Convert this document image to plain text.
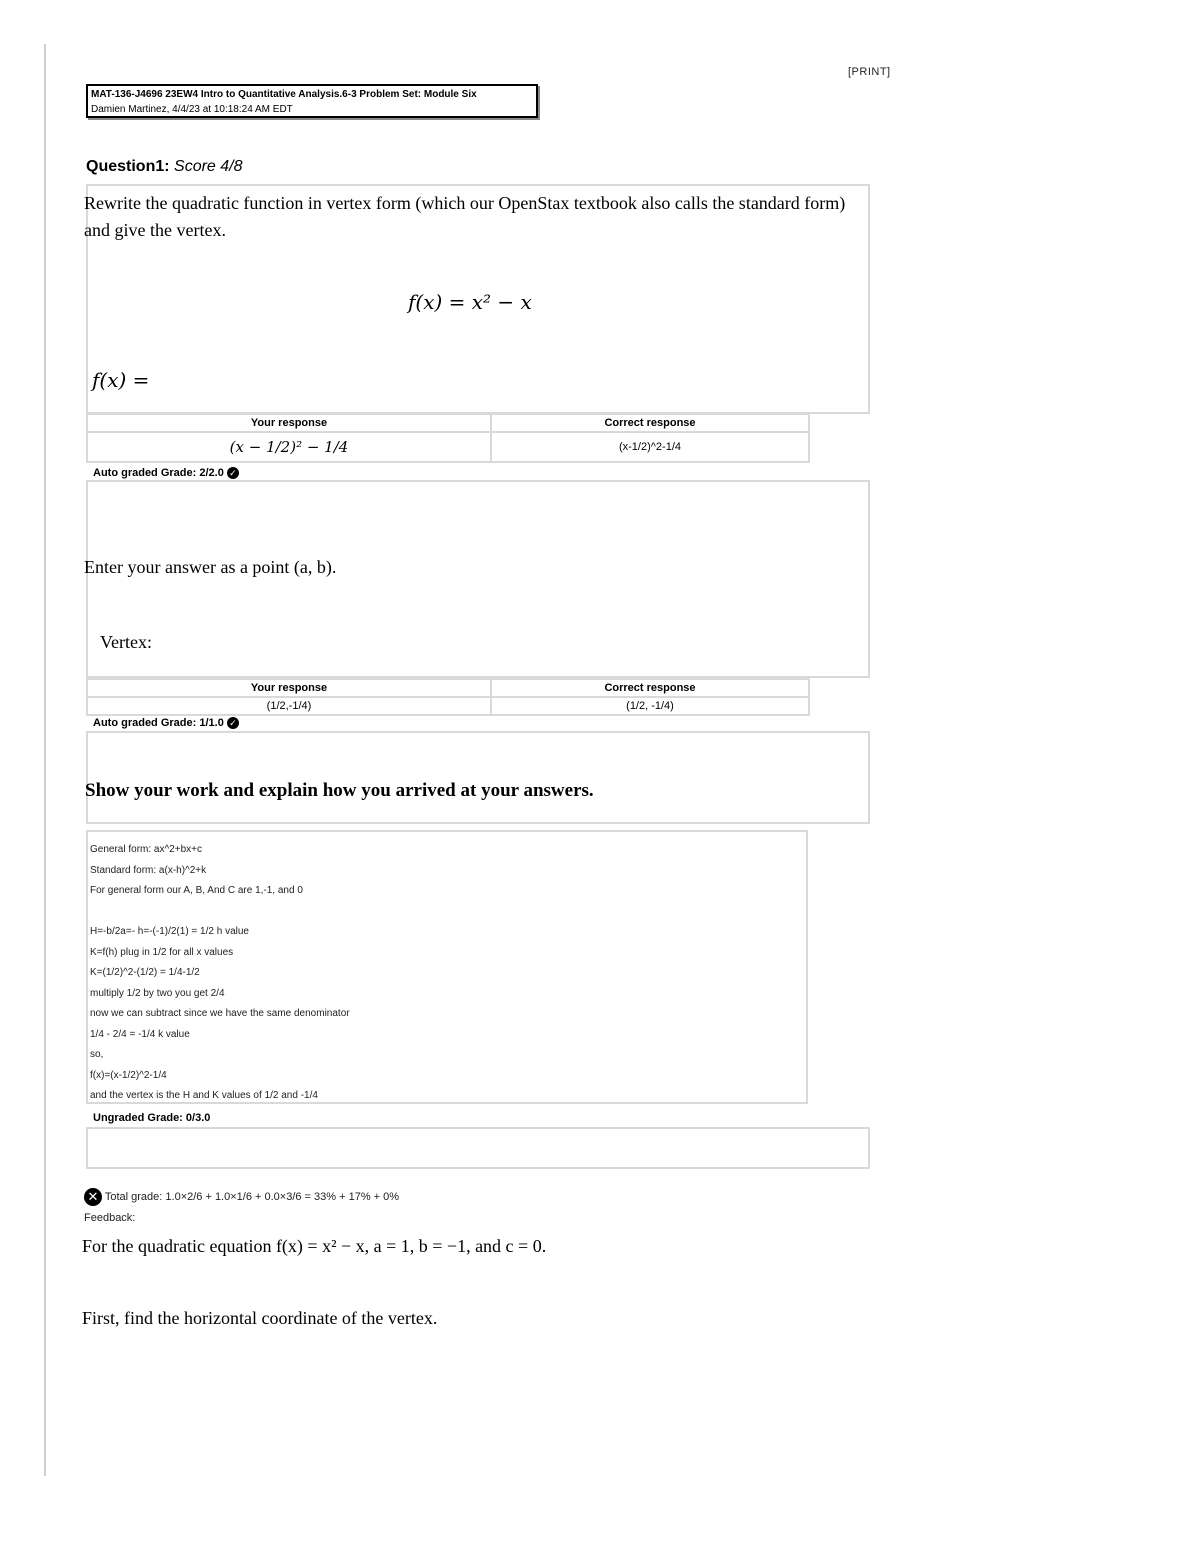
[PRINT]
MAT-136-J4696 23EW4 Intro to Quantitative Analysis.6-3 Problem Set: Module Six
Damien Martinez, 4/4/23 at 10:18:24 AM EDT
Question1: Score 4/8
Rewrite the quadratic function in vertex form (which our OpenStax textbook also calls the standard form) and give the vertex.
f(x) = x² − x
f(x) =
Your response	Correct response
(x − 1/2)² − 1/4	(x-1/2)^2-1/4
Auto graded Grade: 2/2.0 ✓
Enter your answer as a point (a, b).
Vertex:
Your response	Correct response
(1/2,-1/4)	(1/2, -1/4)
Auto graded Grade: 1/1.0 ✓
Show your work and explain how you arrived at your answers.
General form: ax^2+bx+c
Standard form: a(x-h)^2+k
For general form our A, B, And C are 1,-1, and 0
H=-b/2a=- h=-(-1)/2(1) = 1/2 h value
K=f(h) plug in 1/2 for all x values
K=(1/2)^2-(1/2) = 1/4-1/2
multiply 1/2 by two you get 2/4
now we can subtract since we have the same denominator
1/4 - 2/4 = -1/4 k value
so,
f(x)=(x-1/2)^2-1/4
and the vertex is the H and K values of 1/2 and -1/4
Ungraded Grade: 0/3.0
✕ Total grade: 1.0×2/6 + 1.0×1/6 + 0.0×3/6 = 33% + 17% + 0%
Feedback:
For the quadratic equation f(x) = x² − x, a = 1, b = −1, and c = 0.
First, find the horizontal coordinate of the vertex.
